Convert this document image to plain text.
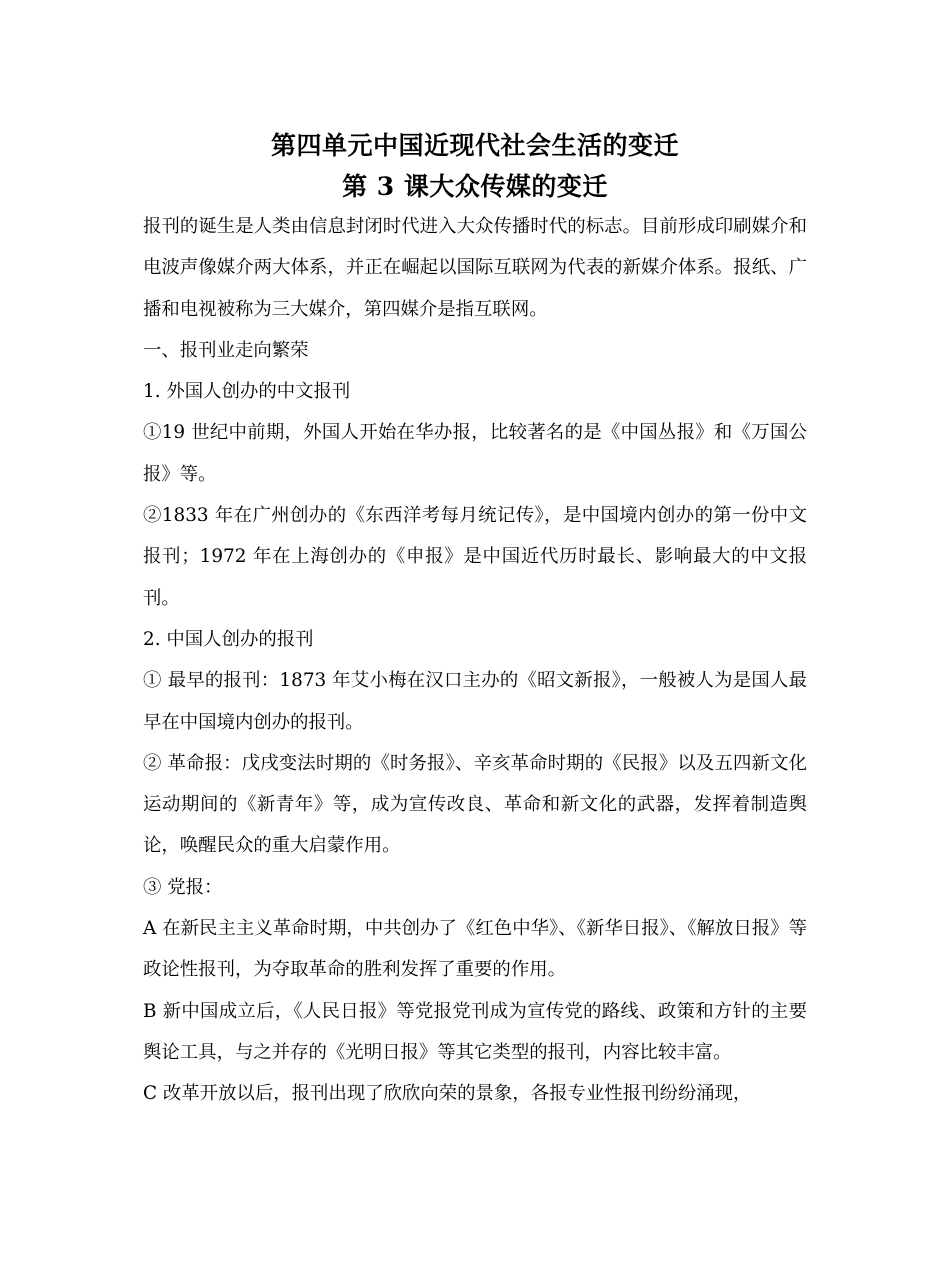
第四单元中国近现代社会生活的变迁
第 3 课大众传媒的变迁

报刊的诞生是人类由信息封闭时代进入大众传播时代的标志。目前形成印刷媒介和电波声像媒介两大体系，并正在崛起以国际互联网为代表的新媒介体系。报纸、广播和电视被称为三大媒介，第四媒介是指互联网。

一、报刊业走向繁荣

1. 外国人创办的中文报刊

①19 世纪中前期，外国人开始在华办报，比较著名的是《中国丛报》和《万国公报》等。

②1833 年在广州创办的《东西洋考每月统记传》，是中国境内创办的第一份中文报刊；1972 年在上海创办的《申报》是中国近代历时最长、影响最大的中文报刊。

2. 中国人创办的报刊

① 最早的报刊：1873 年艾小梅在汉口主办的《昭文新报》，一般被人为是国人最早在中国境内创办的报刊。

② 革命报：戊戌变法时期的《时务报》、辛亥革命时期的《民报》以及五四新文化运动期间的《新青年》等，成为宣传改良、革命和新文化的武器，发挥着制造舆论，唤醒民众的重大启蒙作用。

③ 党报：

A 在新民主主义革命时期，中共创办了《红色中华》、《新华日报》、《解放日报》等政论性报刊，为夺取革命的胜利发挥了重要的作用。

B 新中国成立后，《人民日报》等党报党刊成为宣传党的路线、政策和方针的主要舆论工具，与之并存的《光明日报》等其它类型的报刊，内容比较丰富。

C 改革开放以后，报刊出现了欣欣向荣的景象，各报专业性报刊纷纷涌现，
